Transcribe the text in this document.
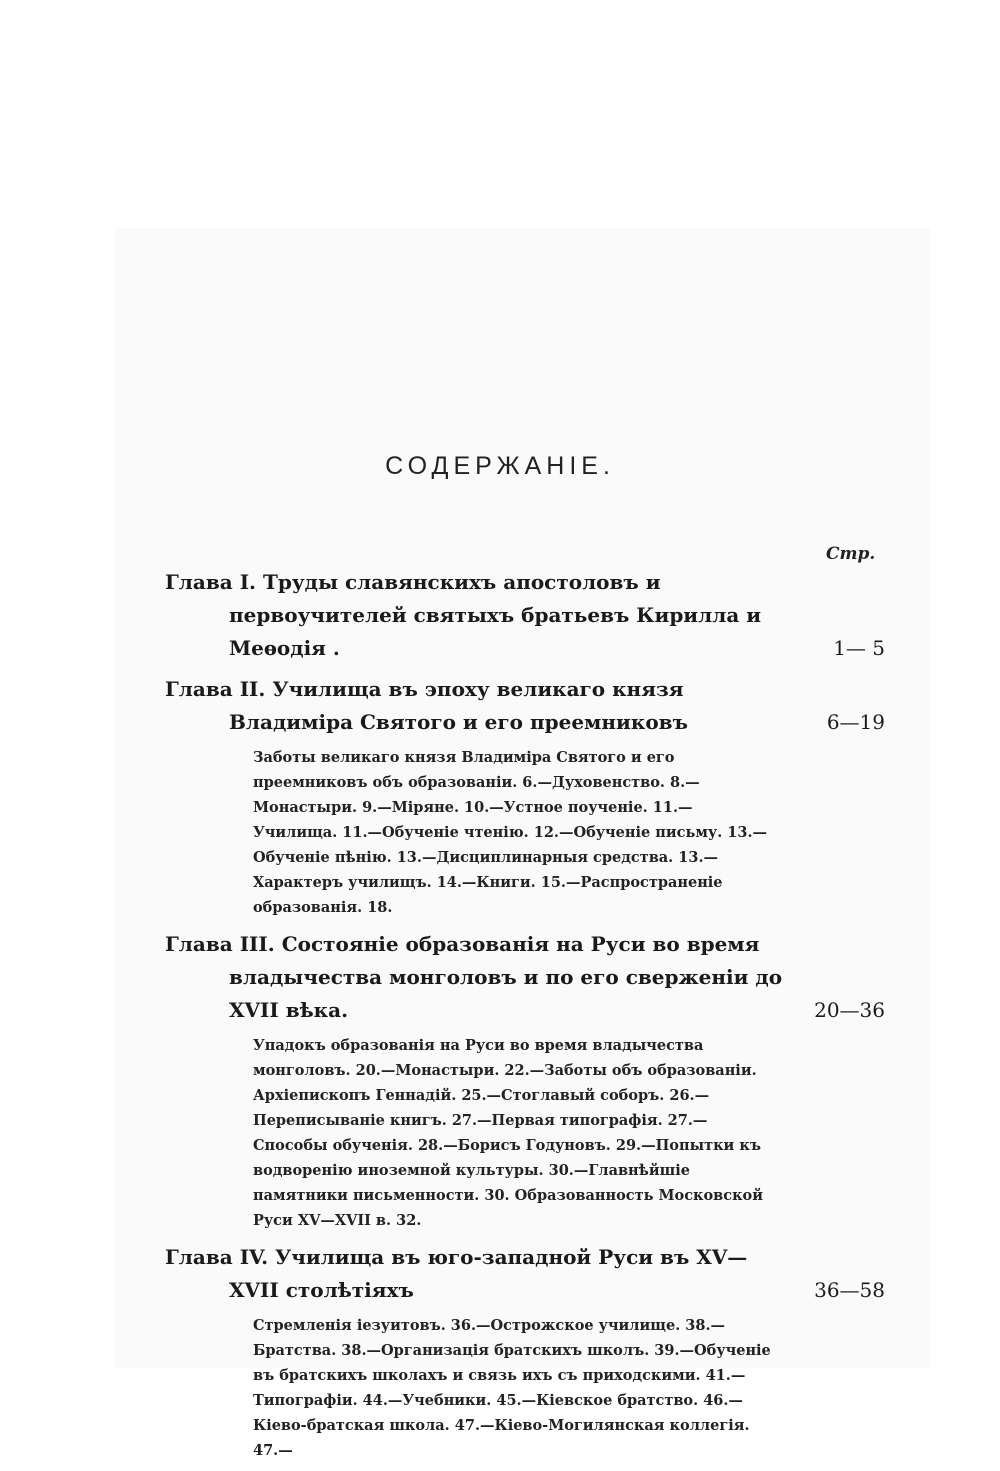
СОДЕРЖАНІЕ.
Стр.
Глава I. Труды славянскихъ апостоловъ и первоучителей святыхъ братьевъ Кирилла и Меѳодія .	1— 5
Глава II. Училища въ эпоху великаго князя Владиміра Святого и его преемниковъ	6—19
Заботы великаго князя Владиміра Святого и его преемниковъ объ образованіи. 6.—Духовенство. 8.—Монастыри. 9.—Міряне. 10.—Устное поученіе. 11.—Училища. 11.—Обученіе чтенію. 12.—Обученіе письму. 13.—Обученіе пѣнію. 13.—Дисциплинарныя средства. 13.—Характеръ училищъ. 14.—Книги. 15.—Распространеніе образованія. 18.
Глава III. Состояніе образованія на Руси во время владычества монголовъ и по его сверженіи до XVII вѣка.	20—36
Упадокъ образованія на Руси во время владычества монголовъ. 20.—Монастыри. 22.—Заботы объ образованіи. Архіепископъ Геннадій. 25.—Стоглавый соборъ. 26.—Переписываніе книгъ. 27.—Первая типографія. 27.—Способы обученія. 28.—Борисъ Годуновъ. 29.—Попытки къ водворенію иноземной культуры. 30.—Главнѣйшіе памятники письменности. 30. Образованность Московской Руси XV—XVII в. 32.
Глава IV. Училища въ юго-западной Руси въ XV—XVII столѣтіяхъ	36—58
Стремленія іезуитовъ. 36.—Острожское училище. 38.—Братства. 38.—Организація братскихъ школъ. 39.—Обученіе въ братскихъ школахъ и связь ихъ съ приходскими. 41.—Типографіи. 44.—Учебники. 45.—Кіевское братство. 46.—Кіево-братская школа. 47.—Кіево-Могилянская коллегія. 47.—
